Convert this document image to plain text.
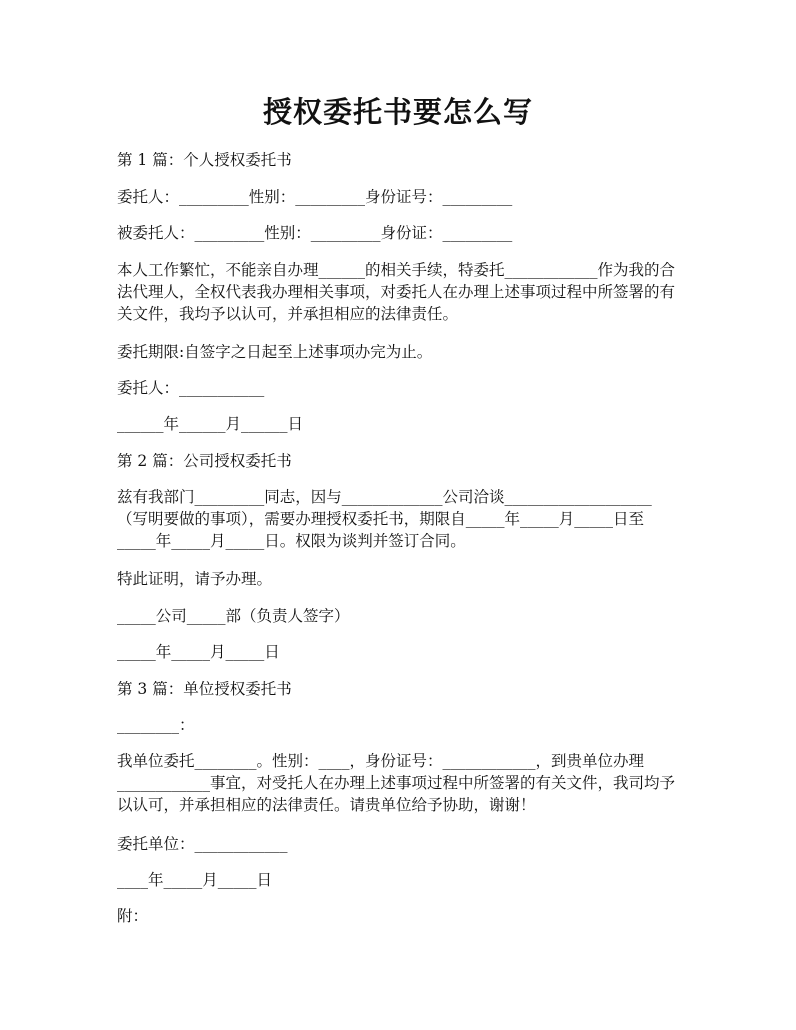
授权委托书要怎么写
第 1 篇：个人授权委托书
委托人：_________性别：_________身份证号：_________
被委托人：_________性别：_________身份证：_________
本人工作繁忙，不能亲自办理______的相关手续，特委托____________作为我的合
法代理人，全权代表我办理相关事项，对委托人在办理上述事项过程中所签署的有
关文件，我均予以认可，并承担相应的法律责任。
委托期限:自签字之日起至上述事项办完为止。
委托人：___________
______年______月______日
第 2 篇：公司授权委托书
兹有我部门_________同志，因与_____________公司洽谈___________________
（写明要做的事项），需要办理授权委托书，期限自_____年_____月_____日至
_____年_____月_____日。权限为谈判并签订合同。
特此证明，请予办理。
_____公司_____部（负责人签字）
_____年_____月_____日
第 3 篇：单位授权委托书
________：
我单位委托________。性别：____，身份证号：____________，到贵单位办理
____________事宜，对受托人在办理上述事项过程中所签署的有关文件，我司均予
以认可，并承担相应的法律责任。请贵单位给予协助，谢谢！
委托单位：____________
____年_____月_____日
附：
